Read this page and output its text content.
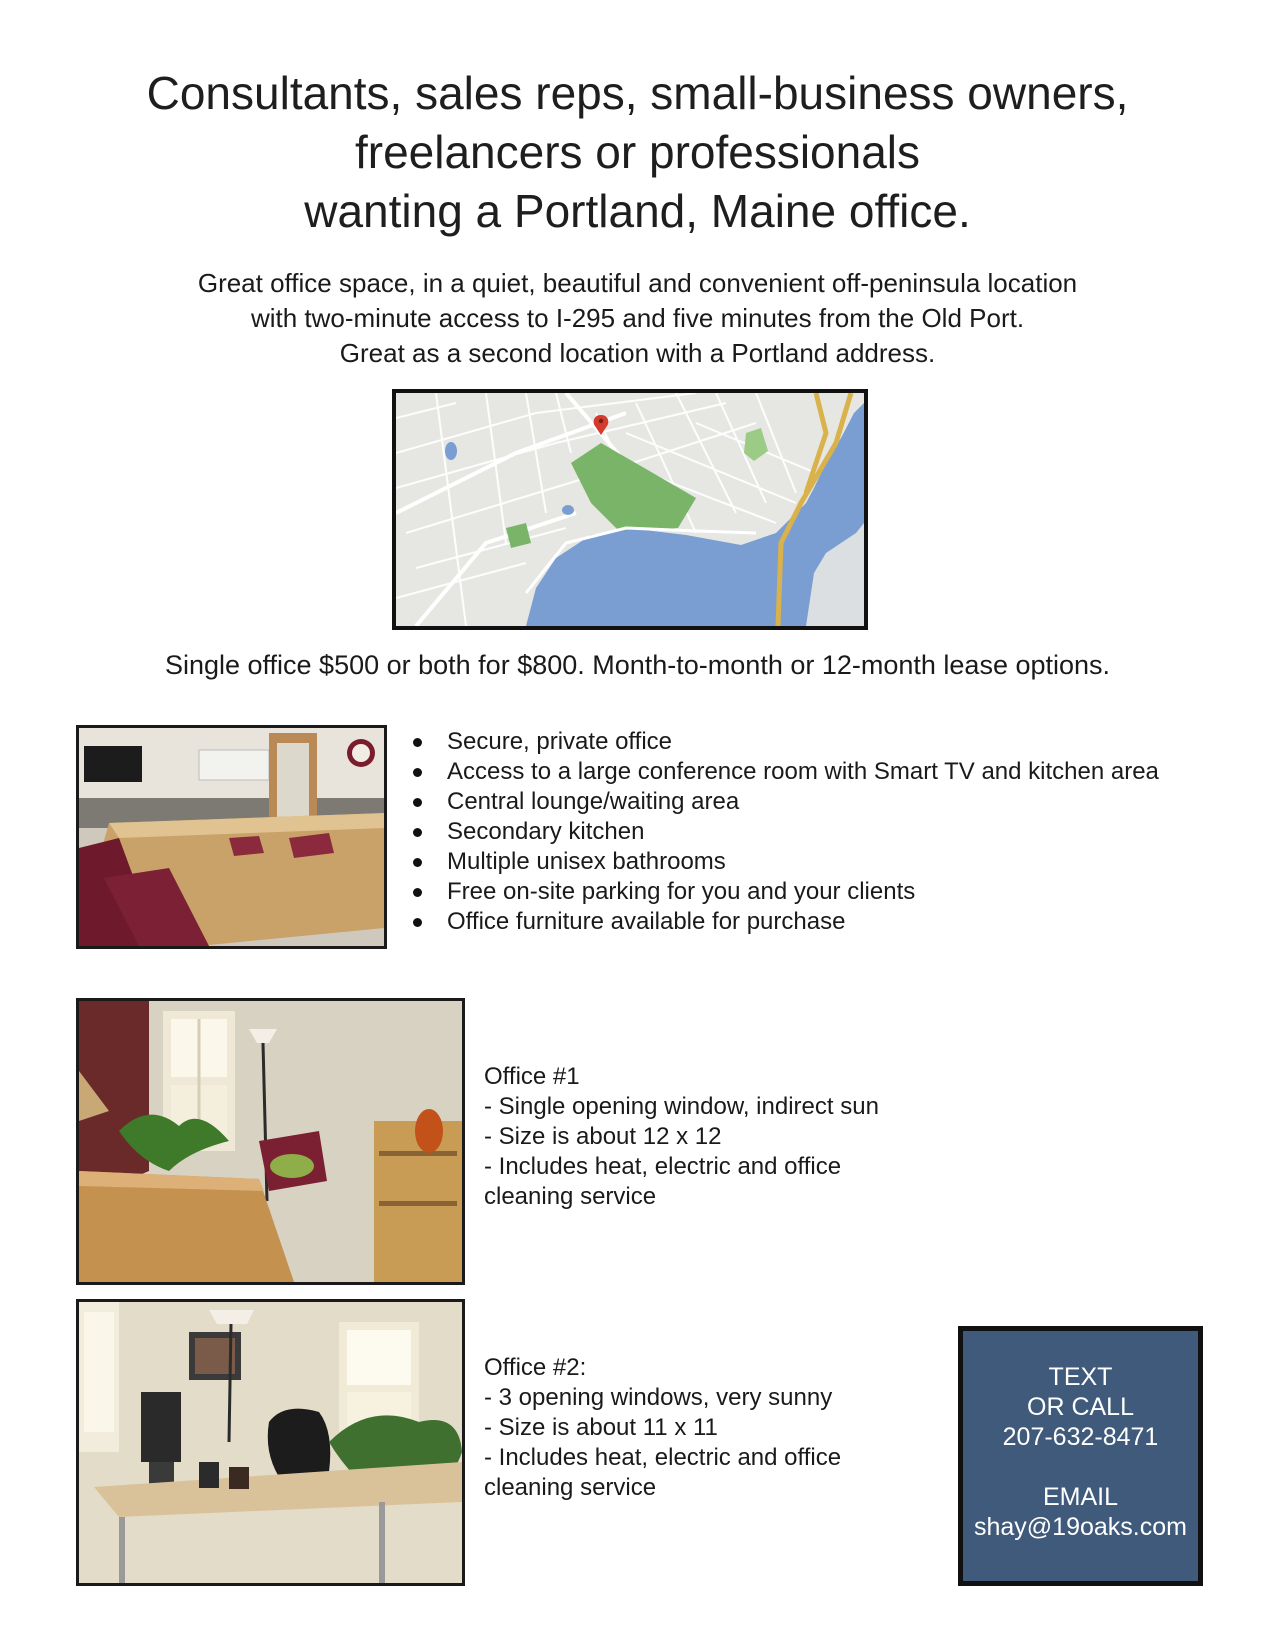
Consultants, sales reps, small-business owners,
freelancers or professionals
wanting a Portland, Maine office.
Great office space, in a quiet, beautiful and convenient off-peninsula location
with two-minute access to I-295 and five minutes from the Old Port.
Great as a second location with a Portland address.
Single office $500 or both for $800. Month-to-month or 12-month lease options.
Secure, private office
Access to a large conference room with Smart TV and kitchen area
Central lounge/waiting area
Secondary kitchen
Multiple unisex bathrooms
Free on-site parking for you and your clients
Office furniture available for purchase
Office #1
- Single opening window, indirect sun
- Size is about 12 x 12
- Includes heat, electric and office
cleaning service
Office #2:
- 3 opening windows, very sunny
- Size is about 11 x 11
- Includes heat, electric and office
cleaning service
TEXT
OR CALL
207-632-8471
EMAIL
shay@19oaks.com
